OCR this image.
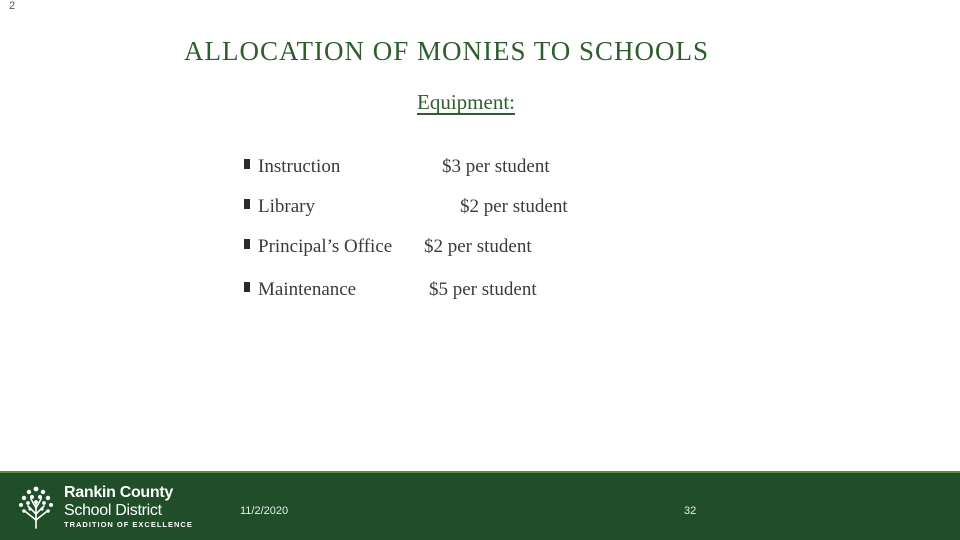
2
ALLOCATION OF MONIES TO SCHOOLS
Equipment:
Instruction	$3 per student
Library	$2 per student
Principal’s Office $2 per student
Maintenance	$5 per student
Rankin County
School District
TRADITION OF EXCELLENCE
11/2/2020	32
